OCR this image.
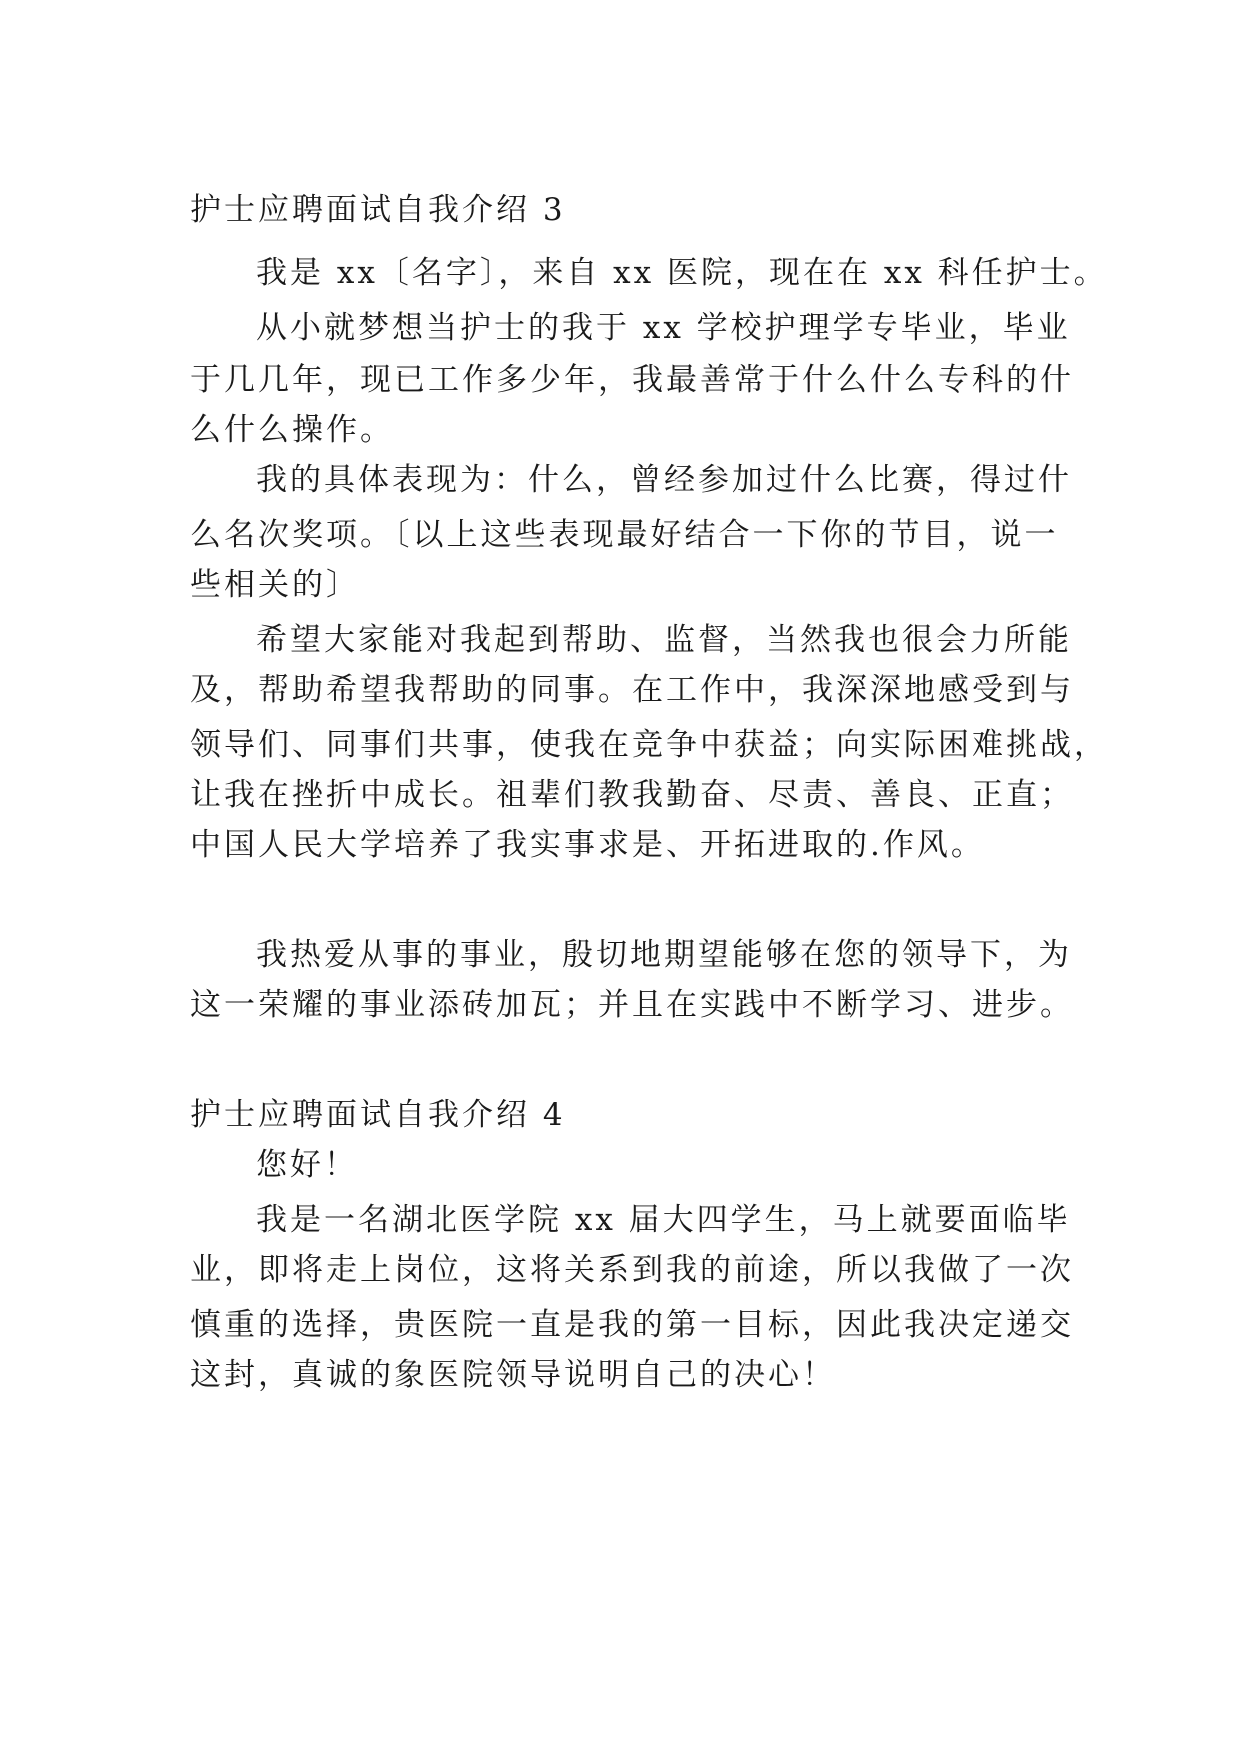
护士应聘面试自我介绍 3
我是 xx〔名字〕，来自 xx 医院，现在在 xx 科任护士。
从小就梦想当护士的我于 xx 学校护理学专毕业，毕业
于几几年，现已工作多少年，我最善常于什么什么专科的什
么什么操作。
我的具体表现为：什么，曾经参加过什么比赛，得过什
么名次奖项。〔以上这些表现最好结合一下你的节目，说一
些相关的〕
希望大家能对我起到帮助、监督，当然我也很会力所能
及，帮助希望我帮助的同事。在工作中，我深深地感受到与
领导们、同事们共事，使我在竞争中获益；向实际困难挑战，
让我在挫折中成长。祖辈们教我勤奋、尽责、善良、正直；
中国人民大学培养了我实事求是、开拓进取的.作风。
我热爱从事的事业，殷切地期望能够在您的领导下，为
这一荣耀的事业添砖加瓦；并且在实践中不断学习、进步。
护士应聘面试自我介绍 4
您好！
我是一名湖北医学院 xx 届大四学生，马上就要面临毕
业，即将走上岗位，这将关系到我的前途，所以我做了一次
慎重的选择，贵医院一直是我的第一目标，因此我决定递交
这封，真诚的象医院领导说明自己的决心！
